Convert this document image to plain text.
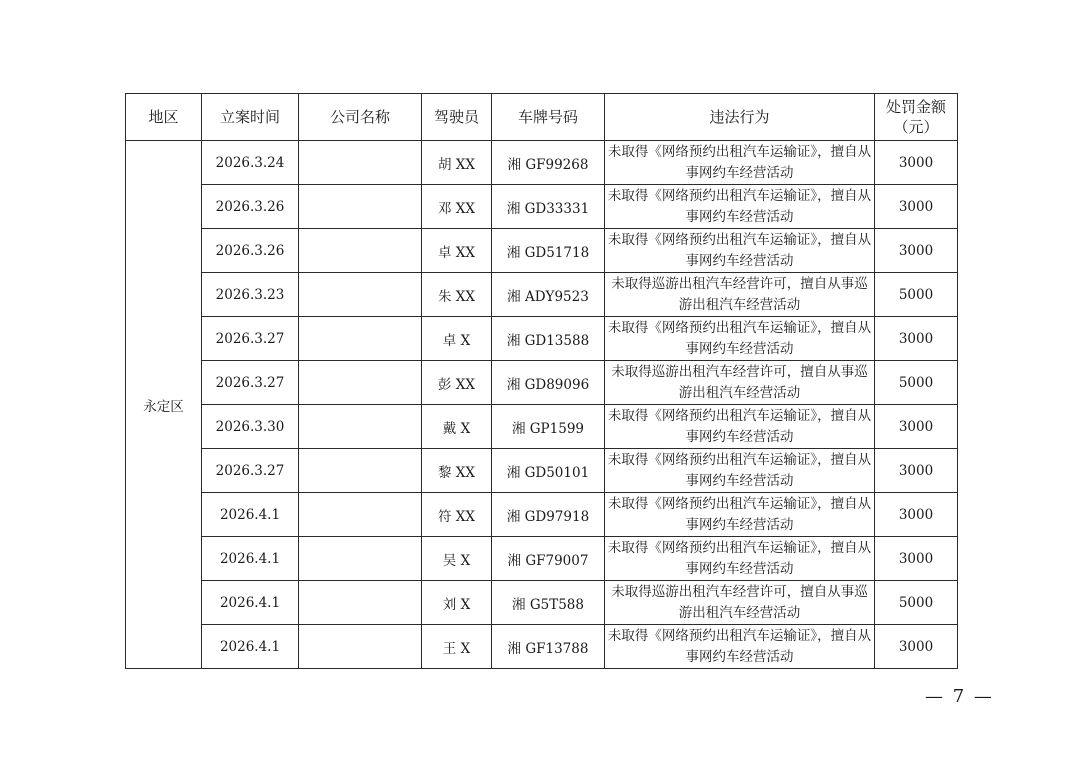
地区	立案时间	公司名称	驾驶员	车牌号码	违法行为	处罚金额（元）
永定区	2026.3.24		胡 XX	湘 GF99268	未取得《网络预约出租汽车运输证》，擅自从事网约车经营活动	3000
	2026.3.26		邓 XX	湘 GD33331	未取得《网络预约出租汽车运输证》，擅自从事网约车经营活动	3000
	2026.3.26		卓 XX	湘 GD51718	未取得《网络预约出租汽车运输证》，擅自从事网约车经营活动	3000
	2026.3.23		朱 XX	湘 ADY9523	未取得巡游出租汽车经营许可，擅自从事巡游出租汽车经营活动	5000
	2026.3.27		卓 X	湘 GD13588	未取得《网络预约出租汽车运输证》，擅自从事网约车经营活动	3000
	2026.3.27		彭 XX	湘 GD89096	未取得巡游出租汽车经营许可，擅自从事巡游出租汽车经营活动	5000
	2026.3.30		戴 X	湘 GP1599	未取得《网络预约出租汽车运输证》，擅自从事网约车经营活动	3000
	2026.3.27		黎 XX	湘 GD50101	未取得《网络预约出租汽车运输证》，擅自从事网约车经营活动	3000
	2026.4.1		符 XX	湘 GD97918	未取得《网络预约出租汽车运输证》，擅自从事网约车经营活动	3000
	2026.4.1		吴 X	湘 GF79007	未取得《网络预约出租汽车运输证》，擅自从事网约车经营活动	3000
	2026.4.1		刘 X	湘 G5T588	未取得巡游出租汽车经营许可，擅自从事巡游出租汽车经营活动	5000
	2026.4.1		王 X	湘 GF13788	未取得《网络预约出租汽车运输证》，擅自从事网约车经营活动	3000
— 7 —
